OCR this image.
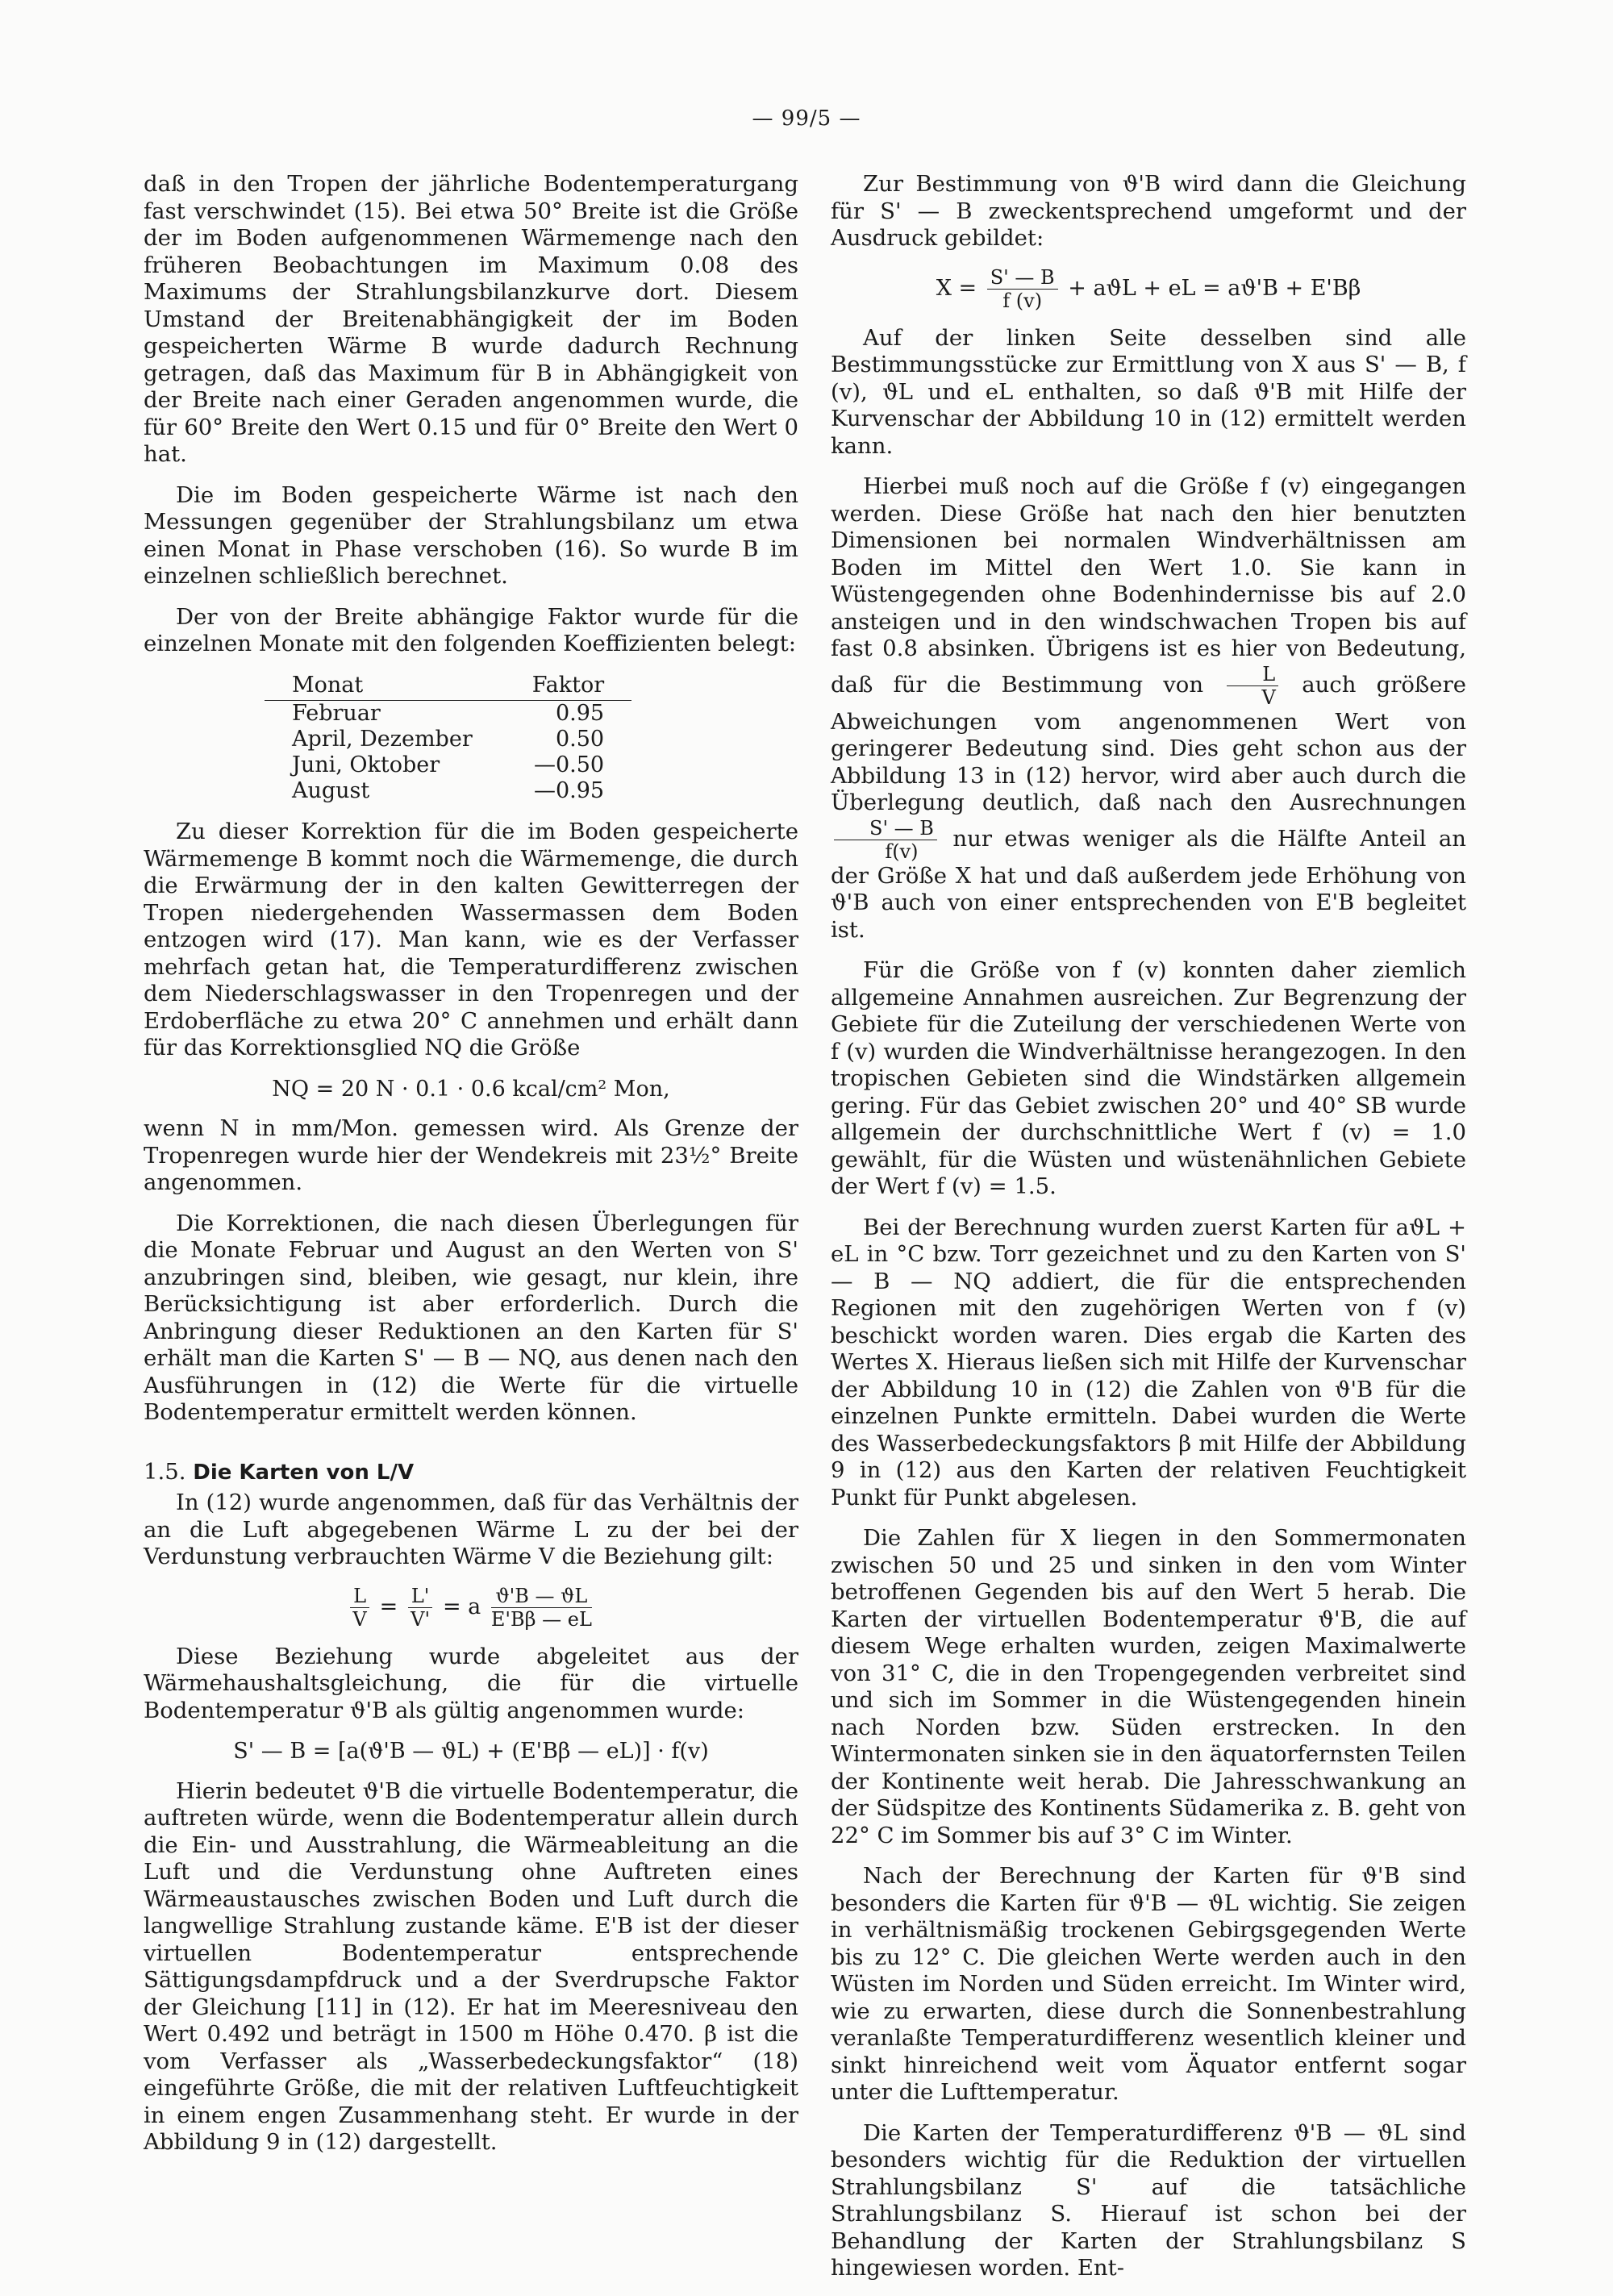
— 99/5 —

daß in den Tropen der jährliche Bodentemperaturgang fast verschwindet (15). Bei etwa 50° Breite ist die Größe der im Boden aufgenommenen Wärmemenge nach den früheren Beobachtungen im Maximum 0.08 des Maximums der Strahlungsbilanzkurve dort. Diesem Umstand der Breitenabhängigkeit der im Boden gespeicherten Wärme B wurde dadurch Rechnung getragen, daß das Maximum für B in Abhängigkeit von der Breite nach einer Geraden angenommen wurde, die für 60° Breite den Wert 0.15 und für 0° Breite den Wert 0 hat.

Die im Boden gespeicherte Wärme ist nach den Messungen gegenüber der Strahlungsbilanz um etwa einen Monat in Phase verschoben (16). So wurde B im einzelnen schließlich berechnet.

Der von der Breite abhängige Faktor wurde für die einzelnen Monate mit den folgenden Koeffizienten belegt:

Monat	Faktor
Februar	0.95
April, Dezember	0.50
Juni, Oktober	—0.50
August	—0.95

Zu dieser Korrektion für die im Boden gespeicherte Wärmemenge B kommt noch die Wärmemenge, die durch die Erwärmung der in den kalten Gewitterregen der Tropen niedergehenden Wassermassen dem Boden entzogen wird (17). Man kann, wie es der Verfasser mehrfach getan hat, die Temperaturdifferenz zwischen dem Niederschlagswasser in den Tropenregen und der Erdoberfläche zu etwa 20° C annehmen und erhält dann für das Korrektionsglied NQ die Größe

NQ = 20 N · 0.1 · 0.6 kcal/cm² Mon,

wenn N in mm/Mon. gemessen wird. Als Grenze der Tropenregen wurde hier der Wendekreis mit 23½° Breite angenommen.

Die Korrektionen, die nach diesen Überlegungen für die Monate Februar und August an den Werten von S' anzubringen sind, bleiben, wie gesagt, nur klein, ihre Berücksichtigung ist aber erforderlich. Durch die Anbringung dieser Reduktionen an den Karten für S' erhält man die Karten S' — B — NQ, aus denen nach den Ausführungen in (12) die Werte für die virtuelle Bodentemperatur ermittelt werden können.

1.5. Die Karten von L/V

In (12) wurde angenommen, daß für das Verhältnis der an die Luft abgegebenen Wärme L zu der bei der Verdunstung verbrauchten Wärme V die Beziehung gilt:

$\frac{L}{V} = \frac{L'}{V'} = a \frac{ϑ'B — ϑL}{E'B\beta — eL}$

Diese Beziehung wurde abgeleitet aus der Wärmehaushaltsgleichung, die für die virtuelle Bodentemperatur ϑ'B als gültig angenommen wurde:

S' — B = [a(ϑ'B — ϑL) + (E'Bβ — eL)] · f(v)

Hierin bedeutet ϑ'B die virtuelle Bodentemperatur, die auftreten würde, wenn die Bodentemperatur allein durch die Ein- und Ausstrahlung, die Wärmeableitung an die Luft und die Verdunstung ohne Auftreten eines Wärmeaustausches zwischen Boden und Luft durch die langwellige Strahlung zustande käme. E'B ist der dieser virtuellen Bodentemperatur entsprechende Sättigungsdampfdruck und a der Sverdrupsche Faktor der Gleichung [11] in (12). Er hat im Meeresniveau den Wert 0.492 und beträgt in 1500 m Höhe 0.470. β ist die vom Verfasser als „Wasserbedeckungsfaktor“ (18) eingeführte Größe, die mit der relativen Luftfeuchtigkeit in einem engen Zusammenhang steht. Er wurde in der Abbildung 9 in (12) dargestellt.

Zur Bestimmung von ϑ'B wird dann die Gleichung für S' — B zweckentsprechend umgeformt und der Ausdruck gebildet:

$X = \frac{S' — B}{f (v)} + aϑL$ + eL = aϑ'B + E'Bβ

Auf der linken Seite desselben sind alle Bestimmungsstücke zur Ermittlung von X aus S' — B, f (v), ϑL und eL enthalten, so daß ϑ'B mit Hilfe der Kurvenschar der Abbildung 10 in (12) ermittelt werden kann.

Hierbei muß noch auf die Größe f (v) eingegangen werden. Diese Größe hat nach den hier benutzten Dimensionen bei normalen Windverhältnissen am Boden im Mittel den Wert 1.0. Sie kann in Wüstengegenden ohne Bodenhindernisse bis auf 2.0 ansteigen und in den windschwachen Tropen bis auf fast 0.8 absinken. Übrigens ist es hier von Bedeutung, daß für die Bestimmung von $\frac{L}{V}$ auch größere Abweichungen vom angenommenen Wert von geringerer Bedeutung sind. Dies geht schon aus der Abbildung 13 in (12) hervor, wird aber auch durch die Überlegung deutlich, daß nach den Ausrechnungen
$\frac{S' — B}{f(v)}$ nur etwas weniger als die Hälfte Anteil an der Größe X hat und daß außerdem jede Erhöhung von ϑ'B auch von einer entsprechenden von E'B begleitet ist.

Für die Größe von f (v) konnten daher ziemlich allgemeine Annahmen ausreichen. Zur Begrenzung der Gebiete für die Zuteilung der verschiedenen Werte von f (v) wurden die Windverhältnisse herangezogen. In den tropischen Gebieten sind die Windstärken allgemein gering. Für das Gebiet zwischen 20° und 40° SB wurde allgemein der durchschnittliche Wert f (v) = 1.0 gewählt, für die Wüsten und wüstenähnlichen Gebiete der Wert f (v) = 1.5.

Bei der Berechnung wurden zuerst Karten für aϑL + eL in °C bzw. Torr gezeichnet und zu den Karten von S' — B — NQ addiert, die für die entsprechenden Regionen mit den zugehörigen Werten von f (v) beschickt worden waren. Dies ergab die Karten des Wertes X. Hieraus ließen sich mit Hilfe der Kurvenschar der Abbildung 10 in (12) die Zahlen von ϑ'B für die einzelnen Punkte ermitteln. Dabei wurden die Werte des Wasserbedeckungsfaktors β mit Hilfe der Abbildung 9 in (12) aus den Karten der relativen Feuchtigkeit Punkt für Punkt abgelesen.

Die Zahlen für X liegen in den Sommermonaten zwischen 50 und 25 und sinken in den vom Winter betroffenen Gegenden bis auf den Wert 5 herab. Die Karten der virtuellen Bodentemperatur ϑ'B, die auf diesem Wege erhalten wurden, zeigen Maximalwerte von 31° C, die in den Tropengegenden verbreitet sind und sich im Sommer in die Wüstengegenden hinein nach Norden bzw. Süden erstrecken. In den Wintermonaten sinken sie in den äquatorfernsten Teilen der Kontinente weit herab. Die Jahresschwankung an der Südspitze des Kontinents Südamerika z. B. geht von 22° C im Sommer bis auf 3° C im Winter.

Nach der Berechnung der Karten für ϑ'B sind besonders die Karten für ϑ'B — ϑL wichtig. Sie zeigen in verhältnismäßig trockenen Gebirgsgegenden Werte bis zu 12° C. Die gleichen Werte werden auch in den Wüsten im Norden und Süden erreicht. Im Winter wird, wie zu erwarten, diese durch die Sonnenbestrahlung veranlaßte Temperaturdifferenz wesentlich kleiner und sinkt hinreichend weit vom Äquator entfernt sogar unter die Lufttemperatur.

Die Karten der Temperaturdifferenz ϑ'B — ϑL sind besonders wichtig für die Reduktion der virtuellen Strahlungsbilanz S' auf die tatsächliche Strahlungsbilanz S. Hierauf ist schon bei der Behandlung der Karten der Strahlungsbilanz S hingewiesen worden. Ent-
